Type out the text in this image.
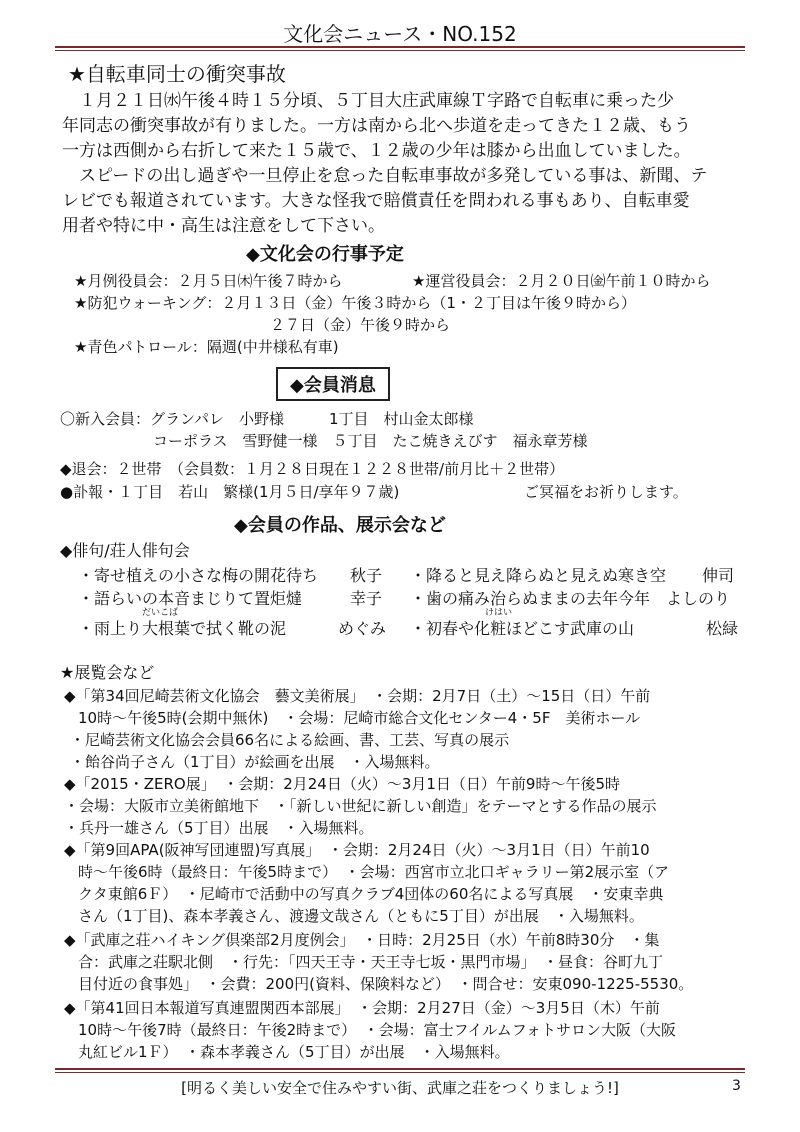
文化会ニュース・NO.152
★自転車同士の衝突事故
　１月２１日㈬午後４時１５分頃、５丁目大庄武庫線Ｔ字路で自転車に乗った少
年同志の衝突事故が有りました。一方は南から北へ歩道を走ってきた１２歳、もう
一方は西側から右折して来た１５歳で、１２歳の少年は膝から出血していました。
　スピードの出し過ぎや一旦停止を怠った自転車事故が多発している事は、新聞、テ
レビでも報道されています。大きな怪我で賠償責任を問われる事もあり、自転車愛
用者や特に中・高生は注意をして下さい。
◆文化会の行事予定
★月例役員会：２月５日㈭午後７時から	★運営役員会：２月２０日㈮午前１０時から
★防犯ウォーキング：２月１３日（金）午後３時から（1・２丁目は午後９時から）
２７日（金）午後９時から
★青色パトロール：隔週(中井様私有車)
◆会員消息
〇新入会員：グランパレ　小野様　　　1丁目　村山金太郎様
コーポラス　雪野健一様　５丁目　たこ焼きえびす　福永章芳様
◆退会：２世帯　（会員数：１月２８日現在１２２８世帯/前月比＋２世帯）
●訃報・１丁目　若山　繁様(1月５日/享年９７歳)	ご冥福をお祈りします。
◆会員の作品、展示会など
◆俳句/荘人俳句会
・寄せ植えの小さな梅の開花待ち 秋子 ・降ると見え降らぬと見えぬ寒き空 伸司
・語らいの本音まじりて置炬燵	幸子 ・歯の痛み治らぬままの去年今年 よしのり
だいこば	けはい
・雨上り大根葉で拭く靴の泥	めぐみ ・初春や化粧ほどこす武庫の山	松緑
★展覧会など
◆「第34回尼崎芸術文化協会　藝文美術展」　・会期：2月7日（土）～15日（日）午前
10時～午後5時(会期中無休)　・会場：尼崎市総合文化センター4・5F　美術ホール
・尼崎芸術文化協会会員66名による絵画、書、工芸、写真の展示
・飴谷尚子さん（1丁目）が絵画を出展　・入場無料。
◆「2015・ZERO展」　・会期：2月24日（火）～3月1日（日）午前9時～午後5時
・会場：大阪市立美術館地下　・「新しい世紀に新しい創造」をテーマとする作品の展示
・兵丹一雄さん（5丁目）出展　・入場無料。
◆「第9回APA(阪神写団連盟)写真展」　・会期：2月24日（火）～3月1日（日）午前10
時～午後6時（最終日：午後5時まで）　・会場：西宮市立北口ギャラリー第2展示室（ア
クタ東館6Ｆ）　・尼崎市で活動中の写真クラブ4団体の60名による写真展　・安東幸典
さん（1丁目)、森本孝義さん、渡邊文哉さん（ともに5丁目）が出展　・入場無料。
◆「武庫之荘ハイキング倶楽部2月度例会」　・日時：2月25日（水）午前8時30分　・集
合：武庫之荘駅北側　・行先：｢四天王寺・天王寺七坂・黒門市場」　・昼食：谷町九丁
目付近の食事処」　・会費：200円(資料、保険料など）　・問合せ：安東090-1225-5530。
◆「第41回日本報道写真連盟関西本部展」　・会期：2月27日（金）～3月5日（木）午前
10時～午後7時（最終日：午後2時まで）　・会場：富士フイルムフォトサロン大阪（大阪
丸紅ビル1Ｆ）　・森本孝義さん（5丁目）が出展　・入場無料。
[明るく美しい安全で住みやすい街、武庫之荘をつくりましょう!]	3
